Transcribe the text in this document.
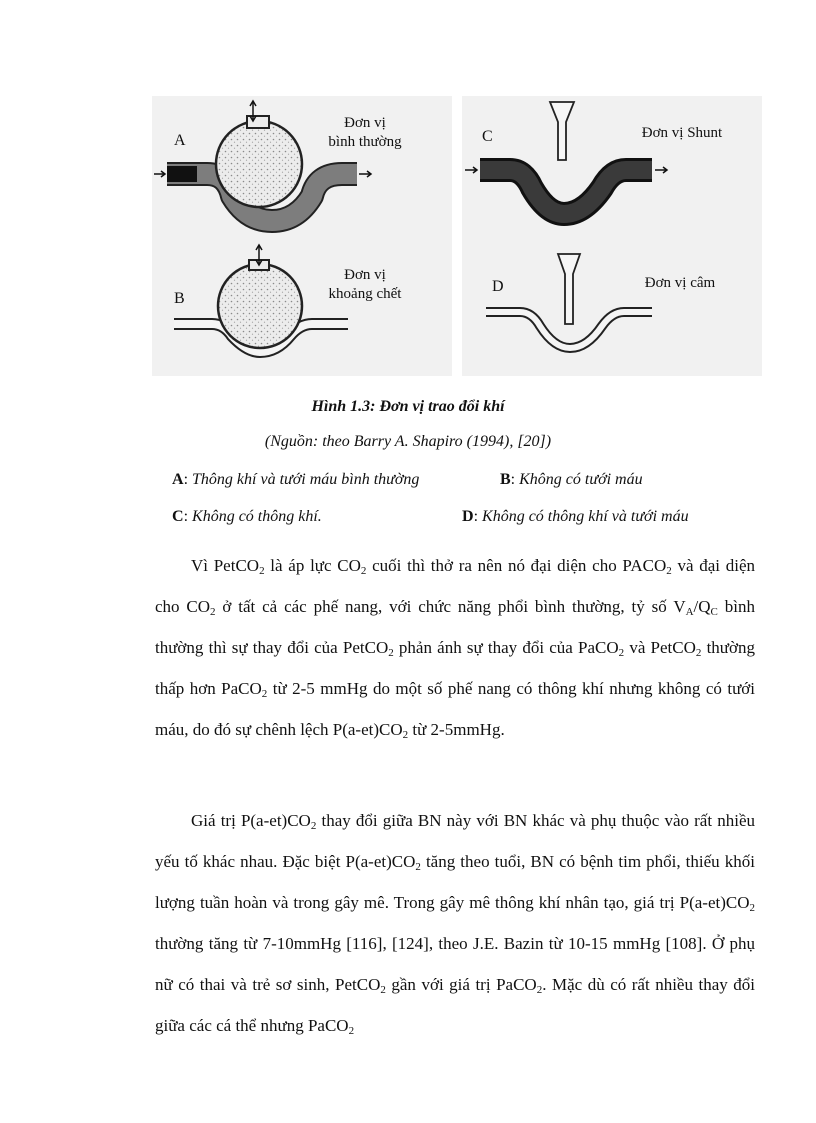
A
Đơn vị
bình thường
B
Đơn vị
khoảng chết
C	Đơn vị Shunt
D	Đơn vị câm
Hình 1.3: Đơn vị trao đổi khí
(Nguồn: theo Barry A. Shapiro (1994), [20])
A: Thông khí và tưới máu bình thường	B: Không có tưới máu
C: Không có thông khí.	D: Không có thông khí và tưới máu

Vì PetCO$_2$ là áp lực $CO_2$ cuối thì thở ra nên nó đại diện cho $PACO_2$ và đại diện cho $CO_2$ ở tất cả các phế nang, với chức năng phổi bình thường, tỷ số $V_A/Q_C$ bình thường thì sự thay đổi của PetCO$_2$ phản ánh sự thay đổi của PaCO$_2$ và PetCO$_2$ thường thấp hơn PaCO$_2$ từ 2-5 mmHg do một số phế nang có thông khí nhưng không có tưới máu, do đó sự chênh lệch $P(a-et)CO_2$ từ 2-5mmHg.

Giá trị $P(a-et)CO_2$ thay đổi giữa BN này với BN khác và phụ thuộc vào rất nhiều yếu tố khác nhau. Đặc biệt $P(a-et)CO_2$ tăng theo tuổi, BN có bệnh tim phổi, thiếu khối lượng tuần hoàn và trong gây mê. Trong gây mê thông khí nhân tạo, giá trị $P(a-et)CO_2$ thường tăng từ 7-10mmHg [116], [124], theo J.E. Bazin từ 10-15 mmHg [108]. Ở phụ nữ có thai và trẻ sơ sinh, PetCO$_2$ gần với giá trị PaCO$_2$. Mặc dù có rất nhiều thay đổi giữa các cá thể nhưng PaCO$_2$
